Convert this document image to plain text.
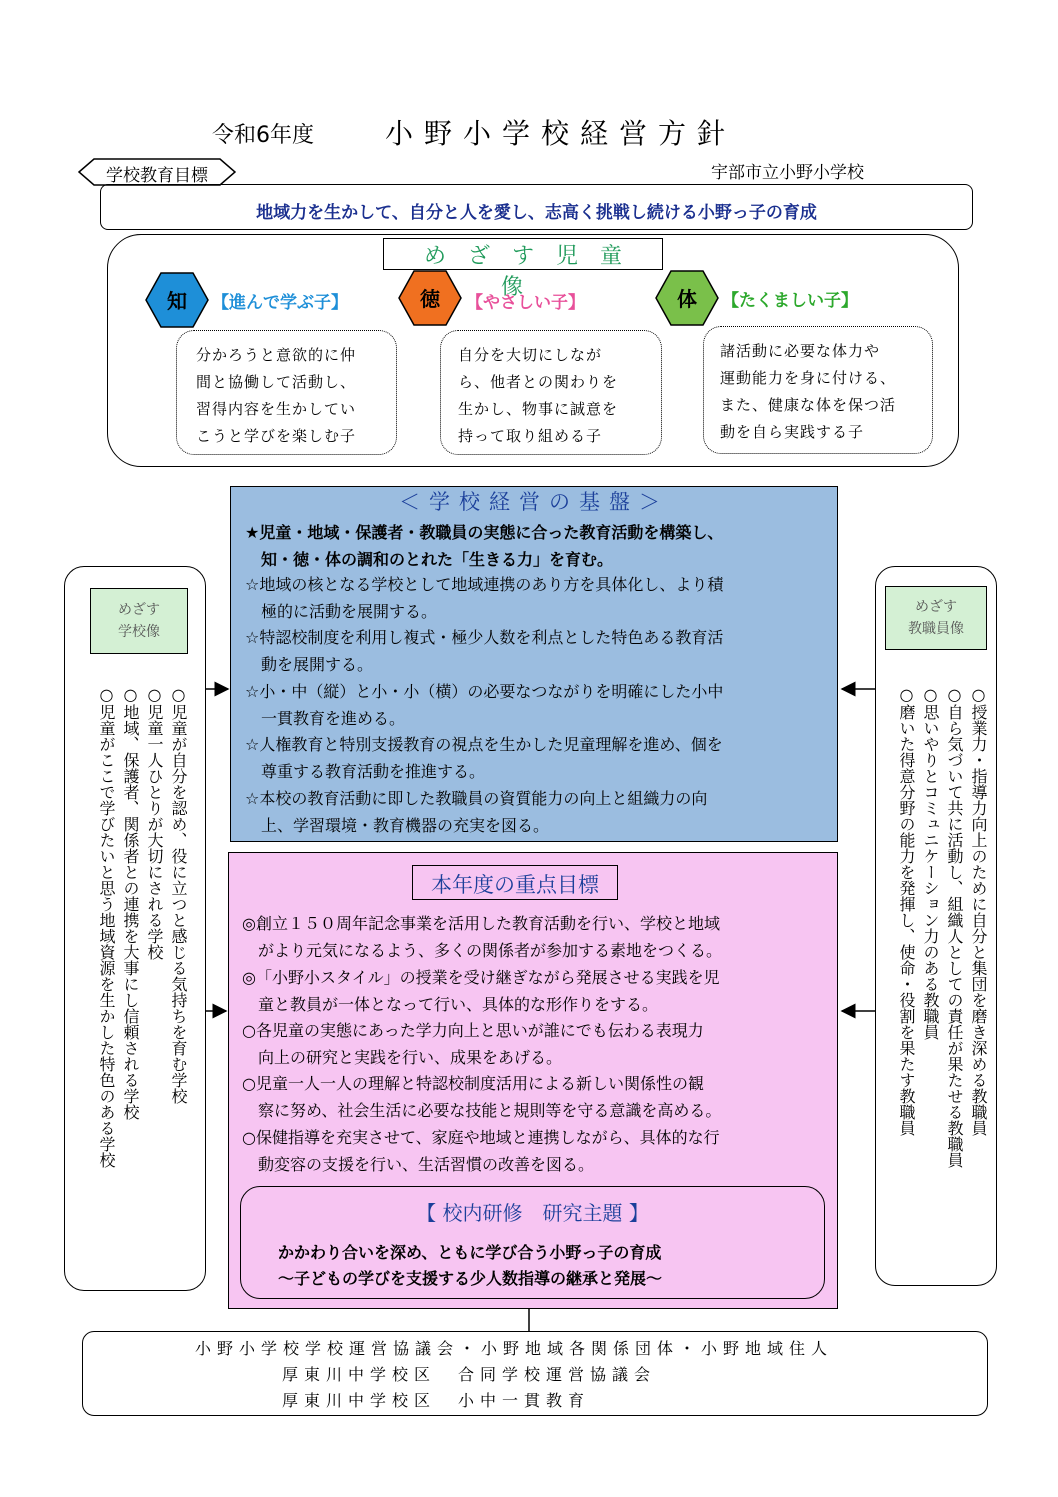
令和6年度	小野小学校経営方針
宇部市立小野小学校
学校教育目標
地域力を生かして、自分と人を愛し、志高く挑戦し続ける小野っ子の育成
めざす児童像
知	【進んで学ぶ子】	徳	【やさしい子】	体	【たくましい子】
分かろうと意欲的に仲
間と協働して活動し、
習得内容を生かしてい
こうと学びを楽しむ子
自分を大切にしなが
ら、他者との関わりを
生かし、物事に誠意を
持って取り組める子
諸活動に必要な体力や
運動能力を身に付ける、
また、健康な体を保つ活
動を自ら実践する子
＜学校経営の基盤＞
★児童・地域・保護者・教職員の実態に合った教育活動を構築し、
知・徳・体の調和のとれた「生きる力」を育む。
☆地域の核となる学校として地域連携のあり方を具体化し、より積
極的に活動を展開する。
☆特認校制度を利用し複式・極少人数を利点とした特色ある教育活
動を展開する。
☆小・中（縦）と小・小（横）の必要なつながりを明確にした小中
一貫教育を進める。
☆人権教育と特別支援教育の視点を生かした児童理解を進め、個を
尊重する教育活動を推進する。
☆本校の教育活動に即した教職員の資質能力の向上と組織力の向
上、学習環境・教育機器の充実を図る。
本年度の重点目標
◎創立１５０周年記念事業を活用した教育活動を行い、学校と地域
がより元気になるよう、多くの関係者が参加する素地をつくる。
◎「小野小スタイル」の授業を受け継ぎながら発展させる実践を児
童と教員が一体となって行い、具体的な形作りをする。
○各児童の実態にあった学力向上と思いが誰にでも伝わる表現力
向上の研究と実践を行い、成果をあげる。
○児童一人一人の理解と特認校制度活用による新しい関係性の観
察に努め、社会生活に必要な技能と規則等を守る意識を高める。
○保健指導を充実させて、家庭や地域と連携しながら、具体的な行
動変容の支援を行い、生活習慣の改善を図る。
【 校内研修　研究主題 】
かかわり合いを深め、ともに学び合う小野っ子の育成
～子どもの学びを支援する少人数指導の継承と発展～
めざす
学校像
○児童が自分を認め、役に立つと感じる気持ちを育む学校
○児童一人ひとりが大切にされる学校
○地域、保護者、関係者との連携を大事にし信頼される学校
○児童がここで学びたいと思う地域資源を生かした特色のある学校
めざす
教職員像
○授業力・指導力向上のために自分と集団を磨き深める教職員
○自ら気づいて共に活動し、組織人としての責任が果たせる教職員
○思いやりとコミュニケーション力のある教職員
○磨いた得意分野の能力を発揮し、使命・役割を果たす教職員
小野小学校学校運営協議会・小野地域各関係団体・小野地域住人
厚東川中学校区　合同学校運営協議会
厚東川中学校区　小中一貫教育
